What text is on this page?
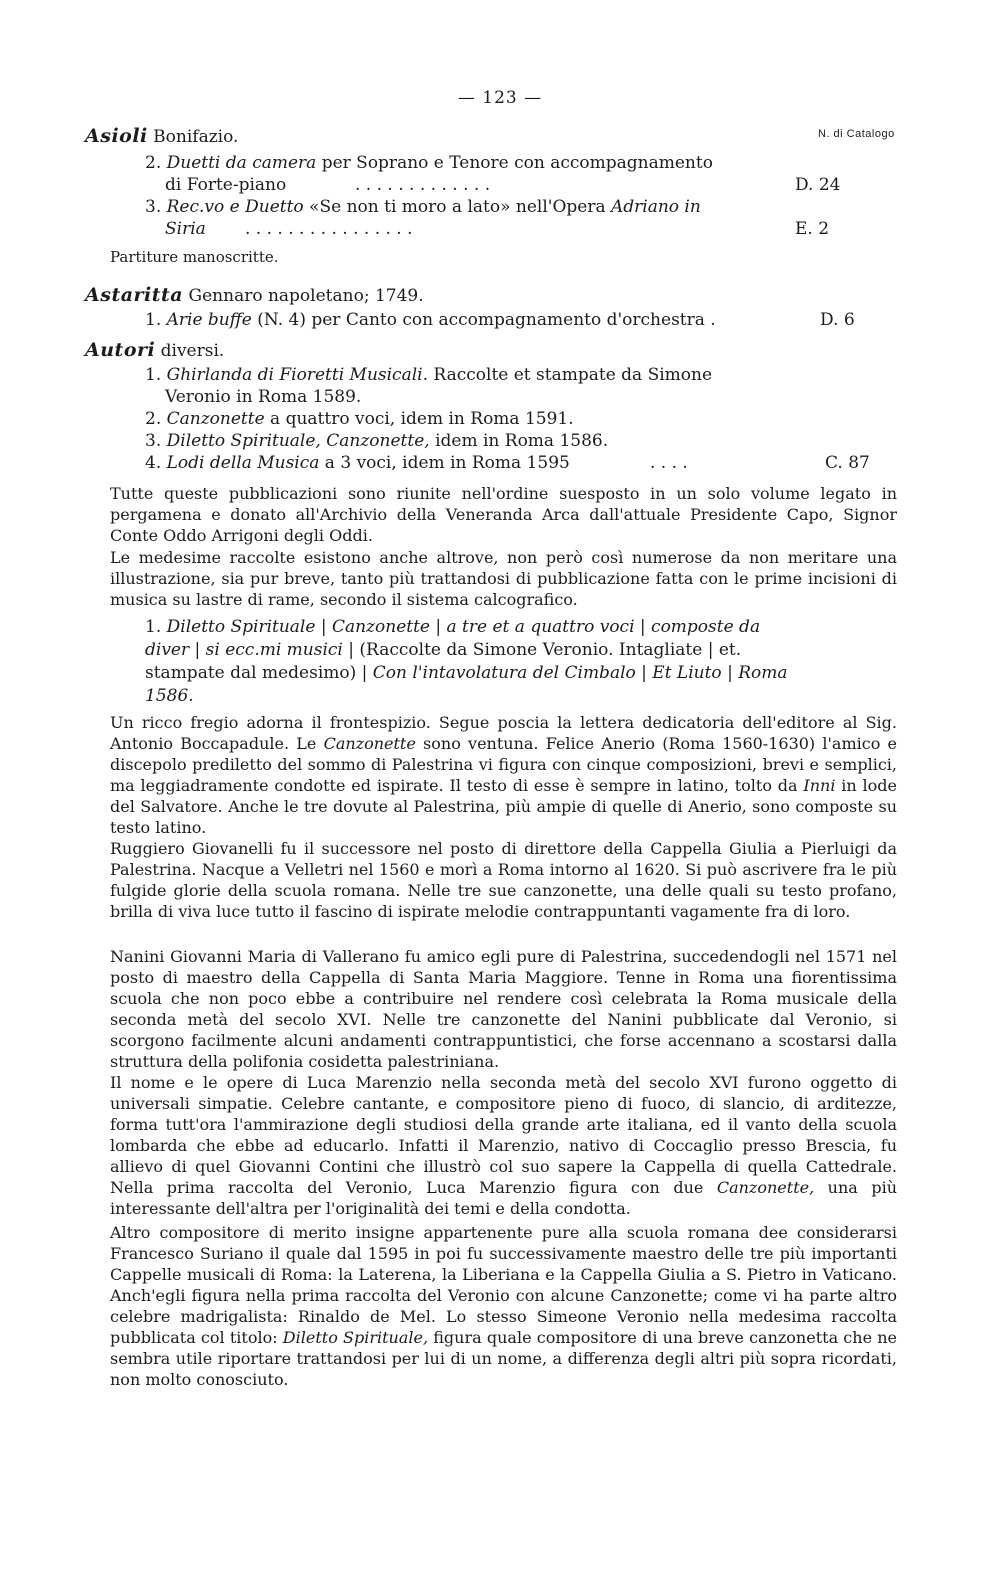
— 123 —
N. di Catalogo
Asioli Bonifazio.
2. Duetti da camera per Soprano e Tenore con accompagnamento
di Forte-piano	. . . . . . . . . . . . .	D. 24
3. Rec.vo e Duetto «Se non ti moro a lato» nell'Opera Adriano in
Siria . . . . . . . . . . . . . . . .	E. 2
Partiture manoscritte.
Astaritta Gennaro napoletano; 1749.
1. Arie buffe (N. 4) per Canto con accompagnamento d'orchestra .	D. 6
Autori diversi.
1. Ghirlanda di Fioretti Musicali. Raccolte et stampate da Simone
Veronio in Roma 1589.
2. Canzonette a quattro voci, idem in Roma 1591.
3. Diletto Spirituale, Canzonette, idem in Roma 1586.
4. Lodi della Musica a 3 voci, idem in Roma 1595	. . . .	C. 87
Tutte queste pubblicazioni sono riunite nell'ordine suesposto in un solo volume legato in pergamena e donato all'Archivio della Veneranda Arca dall'attuale Presidente Capo, Signor Conte Oddo Arrigoni degli Oddi.
Le medesime raccolte esistono anche altrove, non però così numerose da non meritare una illustrazione, sia pur breve, tanto più trattandosi di pubblicazione fatta con le prime incisioni di musica su lastre di rame, secondo il sistema calcografico.
1. Diletto Spirituale | Canzonette | a tre et a quattro voci | composte da diver | si ecc.mi musici | (Raccolte da Simone Veronio. Intagliate | et. stampate dal medesimo) | Con l'intavolatura del Cimbalo | Et Liuto | Roma 1586.
Un ricco fregio adorna il frontespizio. Segue poscia la lettera dedicatoria dell'editore al Sig. Antonio Boccapadule. Le Canzonette sono ventuna. Felice Anerio (Roma 1560-1630) l'amico e discepolo prediletto del sommo di Palestrina vi figura con cinque composizioni, brevi e semplici, ma leggiadramente condotte ed ispirate. Il testo di esse è sempre in latino, tolto da Inni in lode del Salvatore. Anche le tre dovute al Palestrina, più ampie di quelle di Anerio, sono composte su testo latino.
Ruggiero Giovanelli fu il successore nel posto di direttore della Cappella Giulia a Pierluigi da Palestrina. Nacque a Velletri nel 1560 e morì a Roma intorno al 1620. Si può ascrivere fra le più fulgide glorie della scuola romana. Nelle tre sue canzonette, una delle quali su testo profano, brilla di viva luce tutto il fascino di ispirate melodie contrappuntanti vagamente fra di loro.
Nanini Giovanni Maria di Vallerano fu amico egli pure di Palestrina, succedendogli nel 1571 nel posto di maestro della Cappella di Santa Maria Maggiore. Tenne in Roma una fiorentissima scuola che non poco ebbe a contribuire nel rendere così celebrata la Roma musicale della seconda metà del secolo XVI. Nelle tre canzonette del Nanini pubblicate dal Veronio, si scorgono facilmente alcuni andamenti contrappuntistici, che forse accennano a scostarsi dalla struttura della polifonia cosidetta palestriniana.
Il nome e le opere di Luca Marenzio nella seconda metà del secolo XVI furono oggetto di universali simpatie. Celebre cantante, e compositore pieno di fuoco, di slancio, di arditezze, forma tutt'ora l'ammirazione degli studiosi della grande arte italiana, ed il vanto della scuola lombarda che ebbe ad educarlo. Infatti il Marenzio, nativo di Coccaglio presso Brescia, fu allievo di quel Giovanni Contini che illustrò col suo sapere la Cappella di quella Cattedrale. Nella prima raccolta del Veronio, Luca Marenzio figura con due Canzonette, una più interessante dell'altra per l'originalità dei temi e della condotta.
Altro compositore di merito insigne appartenente pure alla scuola romana dee considerarsi Francesco Suriano il quale dal 1595 in poi fu successivamente maestro delle tre più importanti Cappelle musicali di Roma: la Laterena, la Liberiana e la Cappella Giulia a S. Pietro in Vaticano. Anch'egli figura nella prima raccolta del Veronio con alcune Canzonette; come vi ha parte altro celebre madrigalista: Rinaldo de Mel. Lo stesso Simeone Veronio nella medesima raccolta pubblicata col titolo: Diletto Spirituale, figura quale compositore di una breve canzonetta che ne sembra utile riportare trattandosi per lui di un nome, a differenza degli altri più sopra ricordati, non molto conosciuto.
